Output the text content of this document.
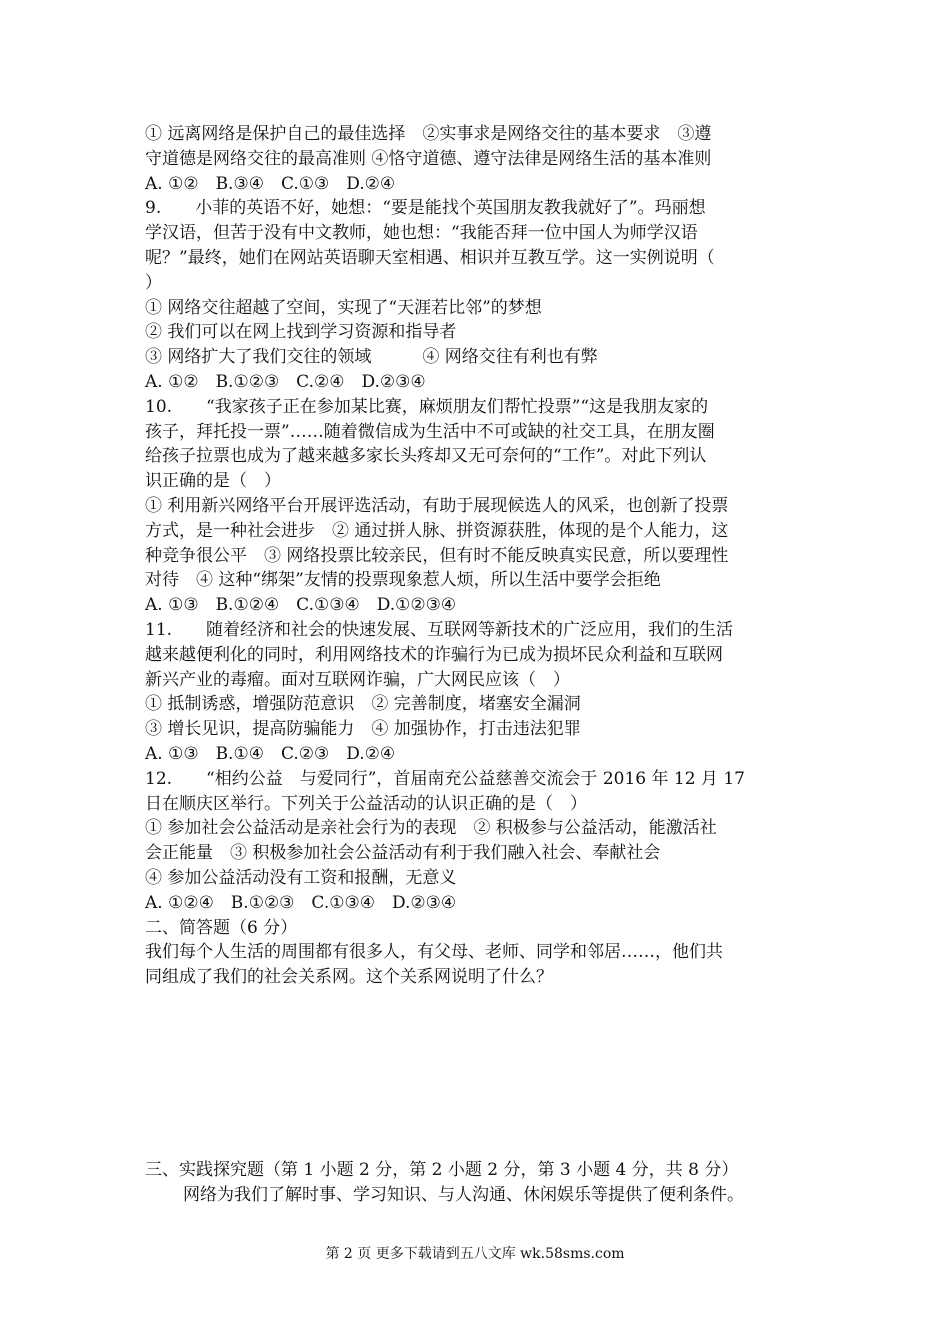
① 远离网络是保护自己的最佳选择　②实事求是网络交往的基本要求　③遵
守道德是网络交往的最高准则 ④恪守道德、遵守法律是网络生活的基本准则
A. ①②　B.③④　C.①③　D.②④
9.　　小菲的英语不好，她想：“要是能找个英国朋友教我就好了”。玛丽想
学汉语，但苦于没有中文教师，她也想：“我能否拜一位中国人为师学汉语
呢？”最终，她们在网站英语聊天室相遇、相识并互教互学。这一实例说明（
）
① 网络交往超越了空间，实现了“天涯若比邻”的梦想
② 我们可以在网上找到学习资源和指导者
③ 网络扩大了我们交往的领域　　　④ 网络交往有利也有弊
A. ①②　B.①②③　C.②④　D.②③④
10.　　“我家孩子正在参加某比赛，麻烦朋友们帮忙投票”“这是我朋友家的
孩子，拜托投一票”……随着微信成为生活中不可或缺的社交工具，在朋友圈
给孩子拉票也成为了越来越多家长头疼却又无可奈何的“工作”。对此下列认
识正确的是（　）
① 利用新兴网络平台开展评选活动，有助于展现候选人的风采，也创新了投票
方式，是一种社会进步　② 通过拼人脉、拼资源获胜，体现的是个人能力，这
种竞争很公平　③ 网络投票比较亲民，但有时不能反映真实民意，所以要理性
对待　④ 这种“绑架”友情的投票现象惹人烦，所以生活中要学会拒绝
A. ①③　B.①②④　C.①③④　D.①②③④
11.　　随着经济和社会的快速发展、互联网等新技术的广泛应用，我们的生活
越来越便利化的同时，利用网络技术的诈骗行为已成为损坏民众利益和互联网
新兴产业的毒瘤。面对互联网诈骗，广大网民应该（　）
① 抵制诱惑，增强防范意识　② 完善制度，堵塞安全漏洞
③ 增长见识，提高防骗能力　④ 加强协作，打击违法犯罪
A. ①③　B.①④　C.②③　D.②④
12.　　“相约公益　与爱同行”，首届南充公益慈善交流会于 2016 年 12 月 17
日在顺庆区举行。下列关于公益活动的认识正确的是（　）
① 参加社会公益活动是亲社会行为的表现　② 积极参与公益活动，能激活社
会正能量　③ 积极参加社会公益活动有利于我们融入社会、奉献社会
④ 参加公益活动没有工资和报酬，无意义
A. ①②④　B.①②③　C.①③④　D.②③④
二、简答题（6 分）
我们每个人生活的周围都有很多人，有父母、老师、同学和邻居……，他们共
同组成了我们的社会关系网。这个关系网说明了什么？
三、实践探究题（第 1 小题 2 分，第 2 小题 2 分，第 3 小题 4 分，共 8 分）
网络为我们了解时事、学习知识、与人沟通、休闲娱乐等提供了便利条件。
第 2 页 更多下载请到五八文库 wk.58sms.com
